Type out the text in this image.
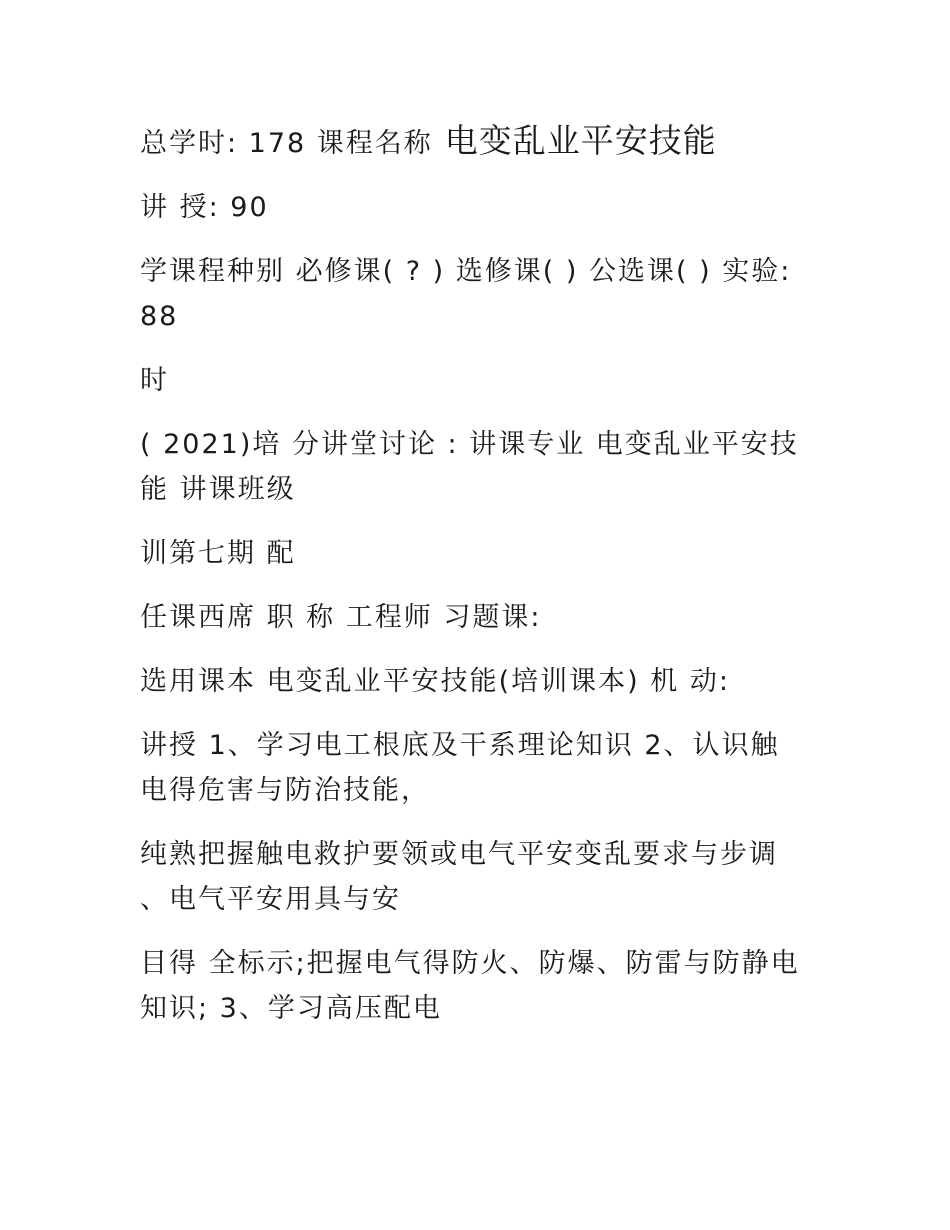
总学时: 178 课程名称 电变乱业平安技能

讲 授: 90

学课程种别 必修课( ? ) 选修课( ) 公选课( ) 实验: 88

时

( 2021)培 分讲堂讨论 : 讲课专业 电变乱业平安技能 讲课班级

训第七期 配

任课西席 职 称 工程师 习题课:

选用课本 电变乱业平安技能(培训课本) 机 动:

讲授 1、学习电工根底及干系理论知识 2、认识触电得危害与防治技能，

纯熟把握触电救护要领或电气平安变乱要求与步调 、电气平安用具与安

目得 全标示;把握电气得防火、防爆、防雷与防静电知识; 3、学习高压配电
